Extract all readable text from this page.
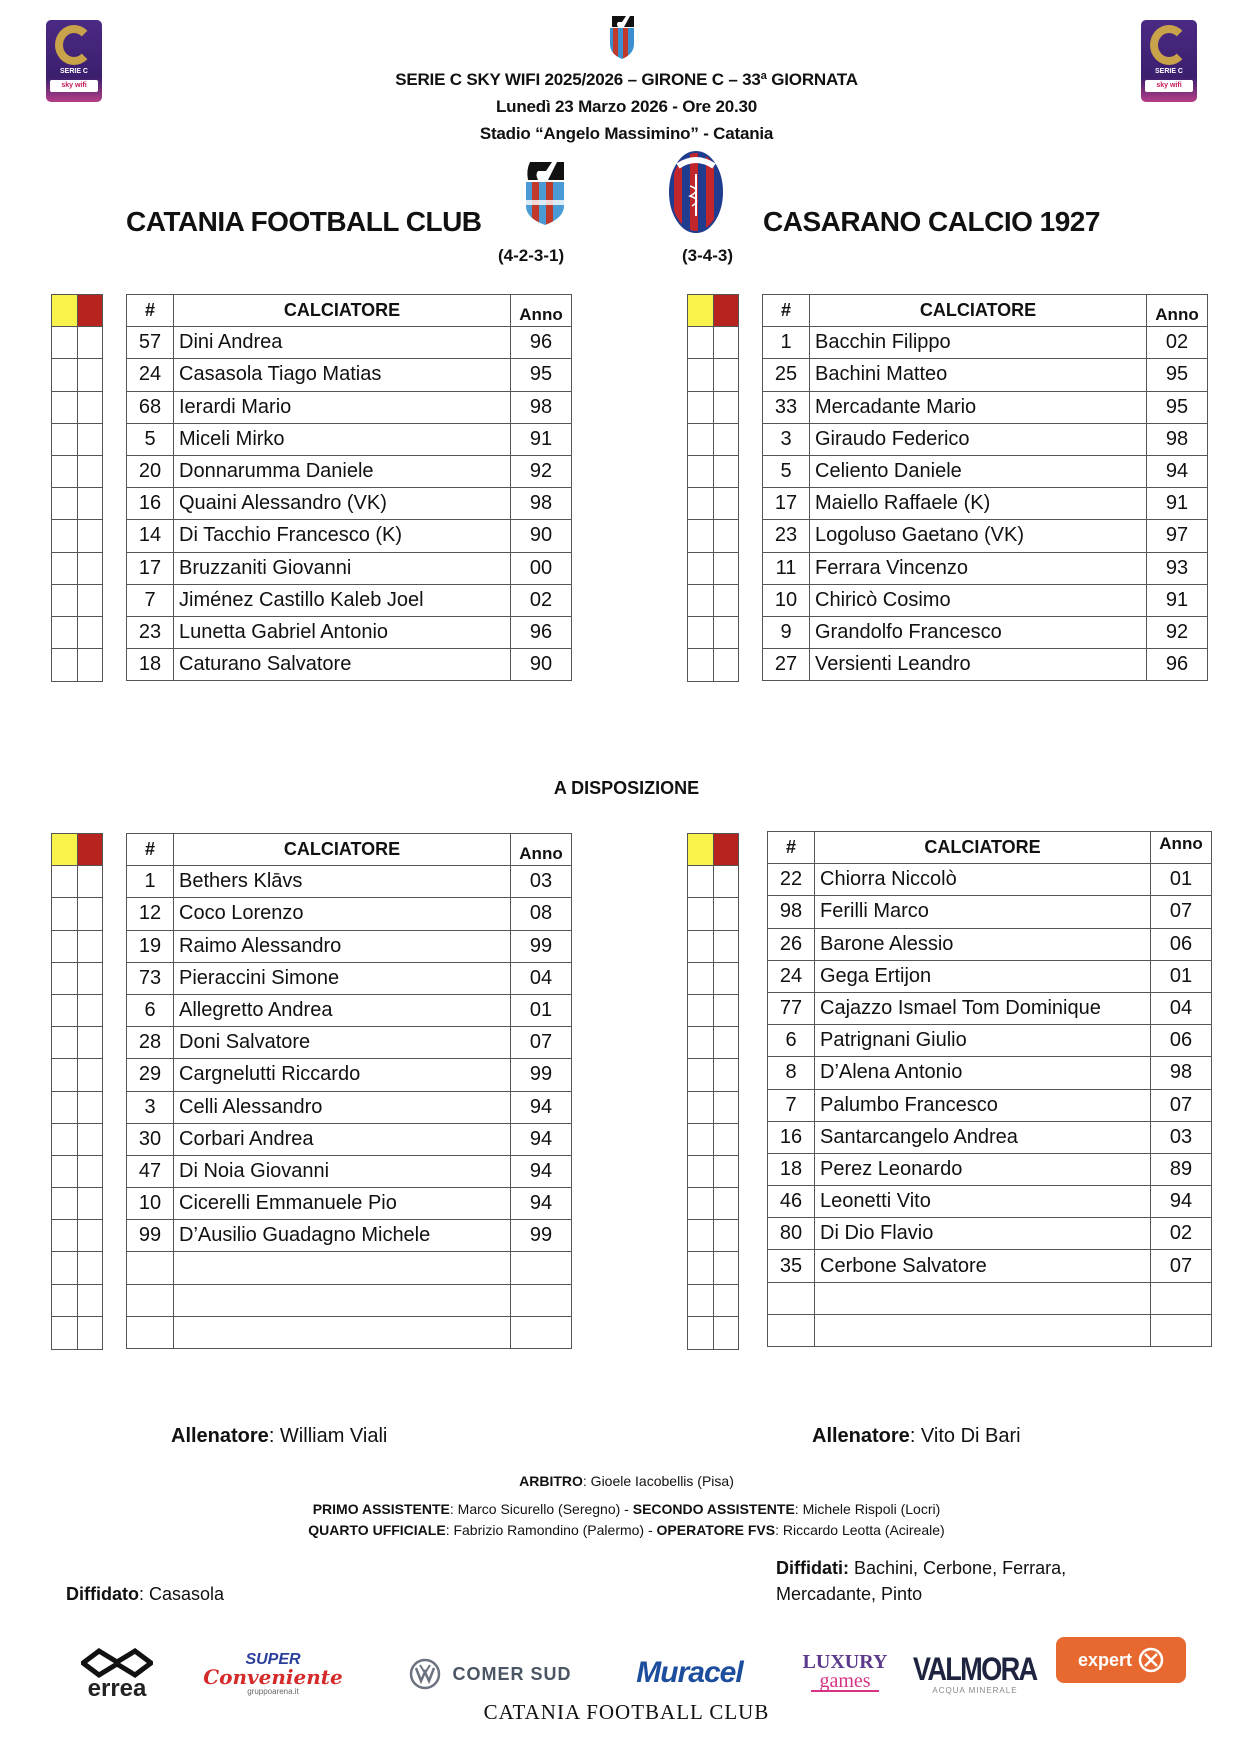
SERIE C
sky wifi
SERIE C
sky wifi
SERIE C SKY WIFI 2025/2026 – GIRONE C – 33ª GIORNATA
Lunedì 23 Marzo 2026 - Ore 20.30
Stadio “Angelo Massimino” - Catania
CATANIA FOOTBALL CLUB	CASARANO CALCIO 1927
(4-2-3-1)	(3-4-3)
#	CALCIATORE	Anno
57	Dini Andrea	96
24	Casasola Tiago Matias	95
68	Ierardi Mario	98
5	Miceli Mirko	91
20	Donnarumma Daniele	92
16	Quaini Alessandro (VK)	98
14	Di Tacchio Francesco (K)	90
17	Bruzzaniti Giovanni	00
7	Jiménez Castillo Kaleb Joel	02
23	Lunetta Gabriel Antonio	96
18	Caturano Salvatore	90
#	CALCIATORE	Anno
1	Bacchin Filippo	02
25	Bachini Matteo	95
33	Mercadante Mario	95
3	Giraudo Federico	98
5	Celiento Daniele	94
17	Maiello Raffaele (K)	91
23	Logoluso Gaetano (VK)	97
11	Ferrara Vincenzo	93
10	Chiricò Cosimo	91
9	Grandolfo Francesco	92
27	Versienti Leandro	96
A DISPOSIZIONE
#	CALCIATORE	Anno
1	Bethers Klāvs	03
12	Coco Lorenzo	08
19	Raimo Alessandro	99
73	Pieraccini Simone	04
6	Allegretto Andrea	01
28	Doni Salvatore	07
29	Cargnelutti Riccardo	99
3	Celli Alessandro	94
30	Corbari Andrea	94
47	Di Noia Giovanni	94
10	Cicerelli Emmanuele Pio	94
99	D’Ausilio Guadagno Michele	99

#	CALCIATORE	Anno
22	Chiorra Niccolò	01
98	Ferilli Marco	07
26	Barone Alessio	06
24	Gega Ertijon	01
77	Cajazzo Ismael Tom Dominique	04
6	Patrignani Giulio	06
8	D’Alena Antonio	98
7	Palumbo Francesco	07
16	Santarcangelo Andrea	03
18	Perez Leonardo	89
46	Leonetti Vito	94
80	Di Dio Flavio	02
35	Cerbone Salvatore	07

Allenatore: William Viali	Allenatore: Vito Di Bari
ARBITRO: Gioele Iacobellis (Pisa)
PRIMO ASSISTENTE: Marco Sicurello (Seregno) - SECONDO ASSISTENTE: Michele Rispoli (Locri)
QUARTO UFFICIALE: Fabrizio Ramondino (Palermo) - OPERATORE FVS: Riccardo Leotta (Acireale)
Diffidato: Casasola
Diffidati: Bachini, Cerbone, Ferrara,
Mercadante, Pinto
errea
SUPER
Conveniente
gruppoarena.it
COMER SUD Muracel	LUXURY
games VALMORA
ACQUA MINERALE
expert
CATANIA FOOTBALL CLUB
